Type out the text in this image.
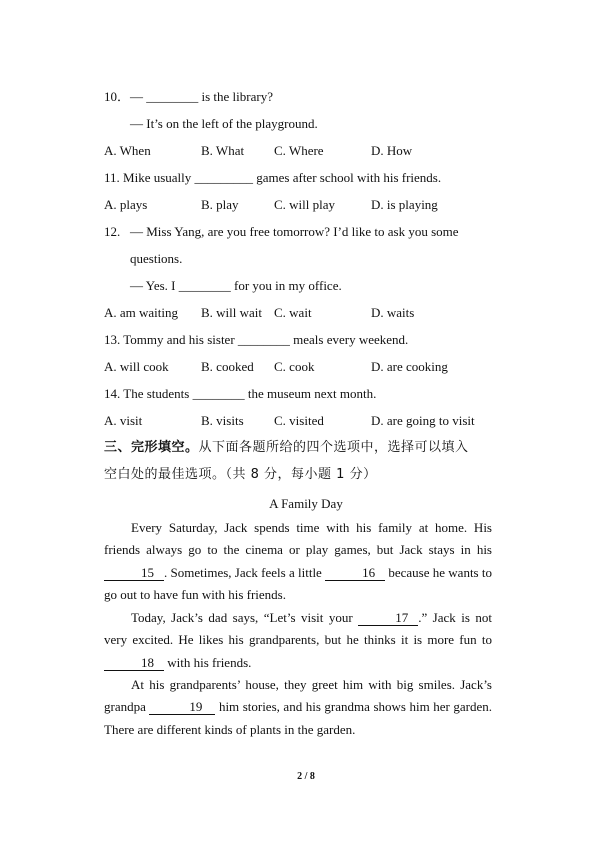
10．— ________ is the library?
— It’s on the left of the playground.
A. When	B. What C. Where	D. How
11. Mike usually _________ games after school with his friends.
A. plays	B. play	C. will play	D. is playing
12.   — Miss Yang, are you free tomorrow? I’d like to ask you some
questions.
— Yes. I ________ for you in my office.
A. am waiting B. will wait C. wait	D. waits
13. Tommy and his sister ________ meals every weekend.
A. will cook B. cooked C. cook	D. are cooking
14. The students ________ the museum next month.
A. visit	B. visits C. visited	D. are going to visit
三、完形填空。从下面各题所给的四个选项中，选择可以填入
空白处的最佳选项。（共 8 分，每小题 1 分）
A Family Day

Every Saturday, Jack spends time with his family at home. His friends always go to the cinema or play games, but Jack stays in his 15 . Sometimes, Jack feels a little	16 because he wants to go out to have fun with his friends.

Today, Jack’s dad says, “Let’s visit your	17 .” Jack is not very excited. He likes his grandparents, but he thinks it is more fun to 18 with his friends.

At his grandparents’ house, they greet him with big smiles. Jack’s grandpa	19 him stories, and his grandma shows him her garden. There are different kinds of plants in the garden.

2 / 8
